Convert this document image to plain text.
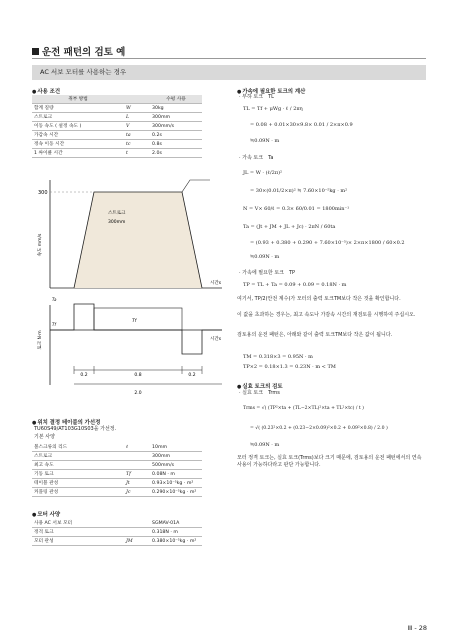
운전 패턴의 검토 예
AC 서보 모터를 사용하는 경우
● 사용 조건
취부 방법		수평 사용
합계 질량	W	30kg
스트로크	L	300mm
이동 속도 ( 설정 속도 )	V	300mm/s
가감속 시간	ta	0.2s
정속 이동 시간	tc	0.8s
1 싸이클 시간	t	2.0s
300
속도 mm/s
스트로크
300mm
시간s
Tf
토크 N·m
Ta
Tf
시간s
0.2	0.8	0.2
2.0
● 위치 결정 테이블의 가선정
TU60S49/AT103G10S03을 가선정.
기본 사양
볼스크류의 리드	ℓ	10mm
스트로크		300mm
최고 속도		500mm/s
기동 토크	Tf	0.08N · m
테이블 관성	Jt	0.93×10⁻⁵kg · m²
커플링 관성	Jc	0.290×10⁻⁵kg · m²
● 모터 사양
사용 AC 서보 모터		SGMAV-01A
정격 토크		0.318N · m
모터 관성	JM	0.380×10⁻⁵kg · m²
● 가속에 필요한 토크의 계산
· 부하 토크　TL
TL = Tf + μWg · ℓ / 2πη
= 0.08 + 0.01×30×9.8× 0.01 / 2×π×0.9
≒0.09N · m
· 가속 토크　Ta
JL = W · (ℓ/2π)²
= 30×(0.01/2×π)² ≒ 7.60×10⁻⁵kg · m²
N = V× 60/ℓ = 0.3× 60/0.01 = 1800min⁻¹
Ta = (Jt + JM + JL + Jc) · 2πN / 60ta
= (0.93 + 0.380 + 0.290 + 7.60×10⁻⁵)× 2×π×1800 / 60×0.2
≒0.09N · m
· 가속에 필요한 토크　TP
TP = TL + Ta = 0.09 + 0.09 = 0.18N · m
여기서, TP/2(안전 계수)가 모터의 출력 토크TM보다 작은 것을 확인합니다.
이 값을 초과하는 경우는, 최고 속도나 가감속 시간의 재검토를 시행하여 주십시오.
검토용의 운전 패턴은, 아래와 같이 출력 토크TM보다 작은 값이 됩니다.
TM = 0.318×3 = 0.95N · m
TP×2 = 0.18×1.3 = 0.23N · m < TM
● 실효 토크의 검토
· 실효 토크　Trms
Trms = √( (TP²×ta + (TL−2×TL)²×ta + TL²×tc) / t )
= √( (0.23²×0.2 + (0.23−2×0.09)²×0.2 + 0.09²×0.8) / 2.0 )
≒0.09N · m
모터 정격 토크는, 실효 토크(Trms)보다 크기 때문에, 검토용의 운전 패턴에서의 연속 사용이 가능하다라고 판단 가능합니다.
Ⅲ - 28
